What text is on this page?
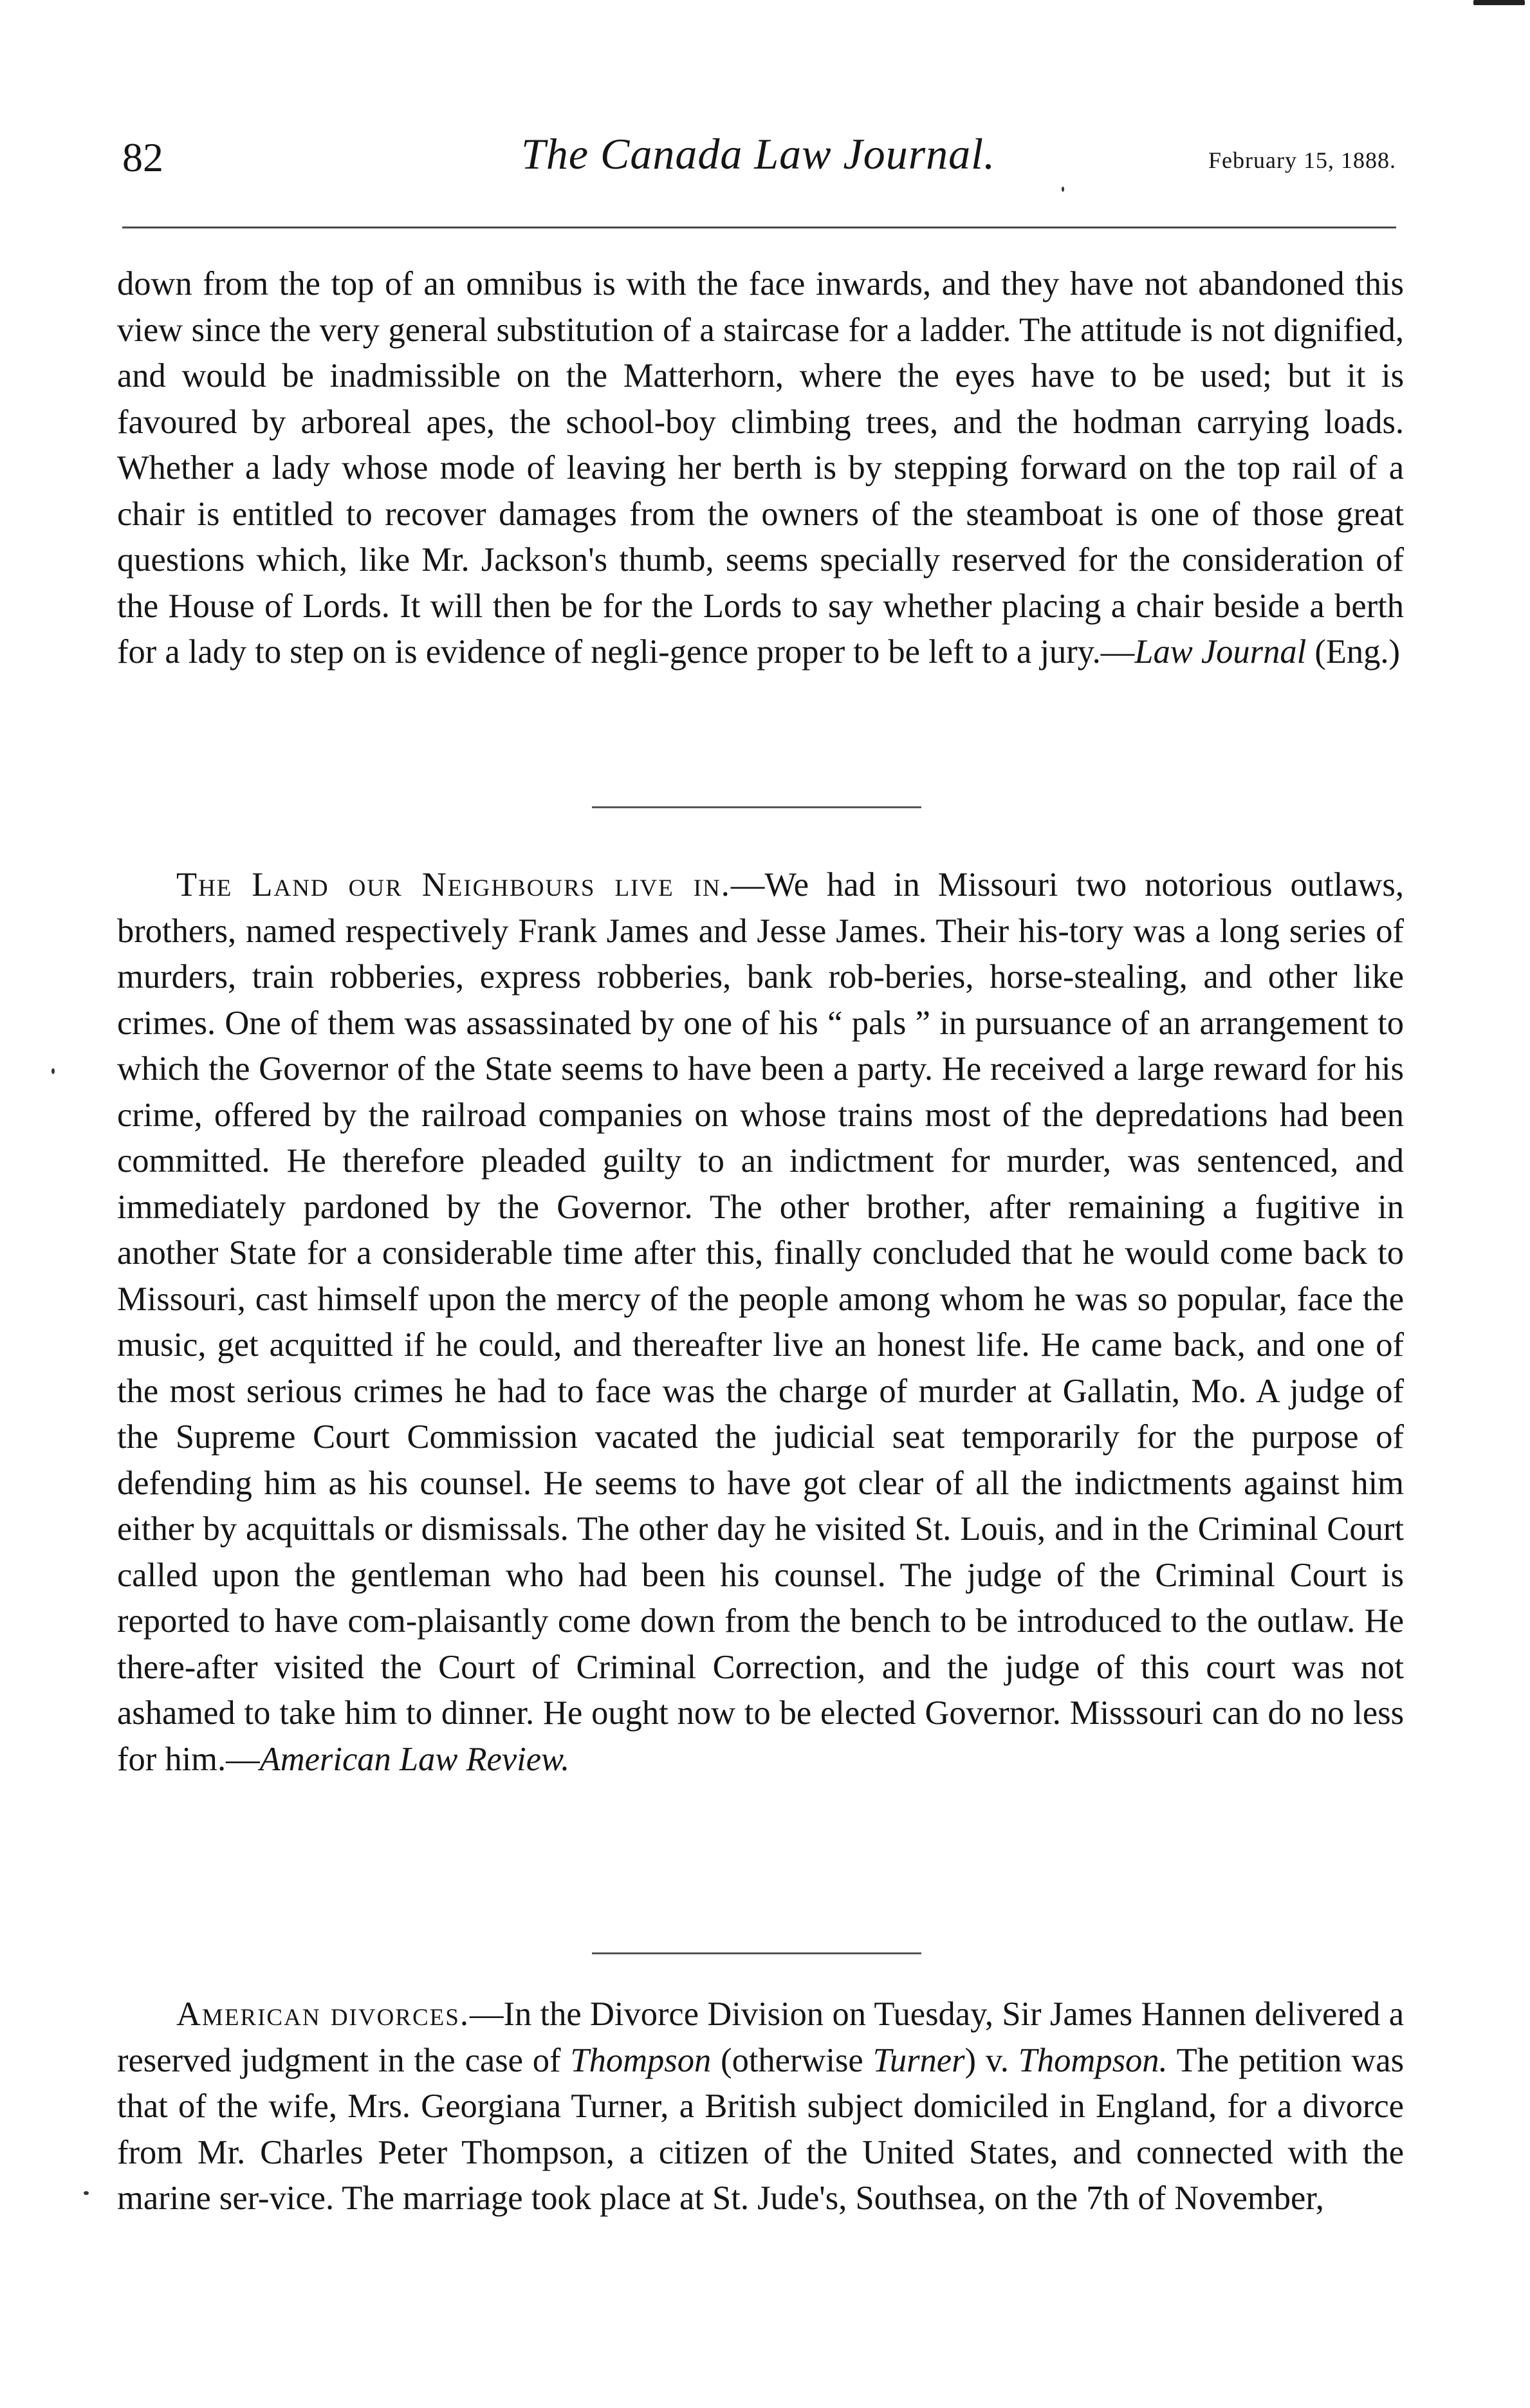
82	The Canada Law Journal.	February 15, 1888.

down from the top of an omnibus is with the face inwards, and they have not abandoned this view since the very general substitution of a staircase for a ladder. The attitude is not dignified, and would be inadmissible on the Matterhorn, where the eyes have to be used; but it is favoured by arboreal apes, the school-boy climbing trees, and the hodman carrying loads. Whether a lady whose mode of leaving her berth is by stepping forward on the top rail of a chair is entitled to recover damages from the owners of the steamboat is one of those great questions which, like Mr. Jackson's thumb, seems specially reserved for the consideration of the House of Lords. It will then be for the Lords to say whether placing a chair beside a berth for a lady to step on is evidence of negli-gence proper to be left to a jury.—Law Journal (Eng.)

The Land our Neighbours live in.—We had in Missouri two notorious outlaws, brothers, named respectively Frank James and Jesse James. Their his-tory was a long series of murders, train robberies, express robberies, bank rob-beries, horse-stealing, and other like crimes. One of them was assassinated by one of his “ pals ” in pursuance of an arrangement to which the Governor of the State seems to have been a party. He received a large reward for his crime, offered by the railroad companies on whose trains most of the depredations had been committed. He therefore pleaded guilty to an indictment for murder, was sentenced, and immediately pardoned by the Governor. The other brother, after remaining a fugitive in another State for a considerable time after this, finally concluded that he would come back to Missouri, cast himself upon the mercy of the people among whom he was so popular, face the music, get acquitted if he could, and thereafter live an honest life. He came back, and one of the most serious crimes he had to face was the charge of murder at Gallatin, Mo. A judge of the Supreme Court Commission vacated the judicial seat temporarily for the purpose of defending him as his counsel. He seems to have got clear of all the indictments against him either by acquittals or dismissals. The other day he visited St. Louis, and in the Criminal Court called upon the gentleman who had been his counsel. The judge of the Criminal Court is reported to have com-plaisantly come down from the bench to be introduced to the outlaw. He there-after visited the Court of Criminal Correction, and the judge of this court was not ashamed to take him to dinner. He ought now to be elected Governor. Misssouri can do no less for him.—American Law Review.

American divorces.—In the Divorce Division on Tuesday, Sir James Hannen delivered a reserved judgment in the case of Thompson (otherwise Turner) v. Thompson. The petition was that of the wife, Mrs. Georgiana Turner, a British subject domiciled in England, for a divorce from Mr. Charles Peter Thompson, a citizen of the United States, and connected with the marine ser-vice. The marriage took place at St. Jude's, Southsea, on the 7th of November,
